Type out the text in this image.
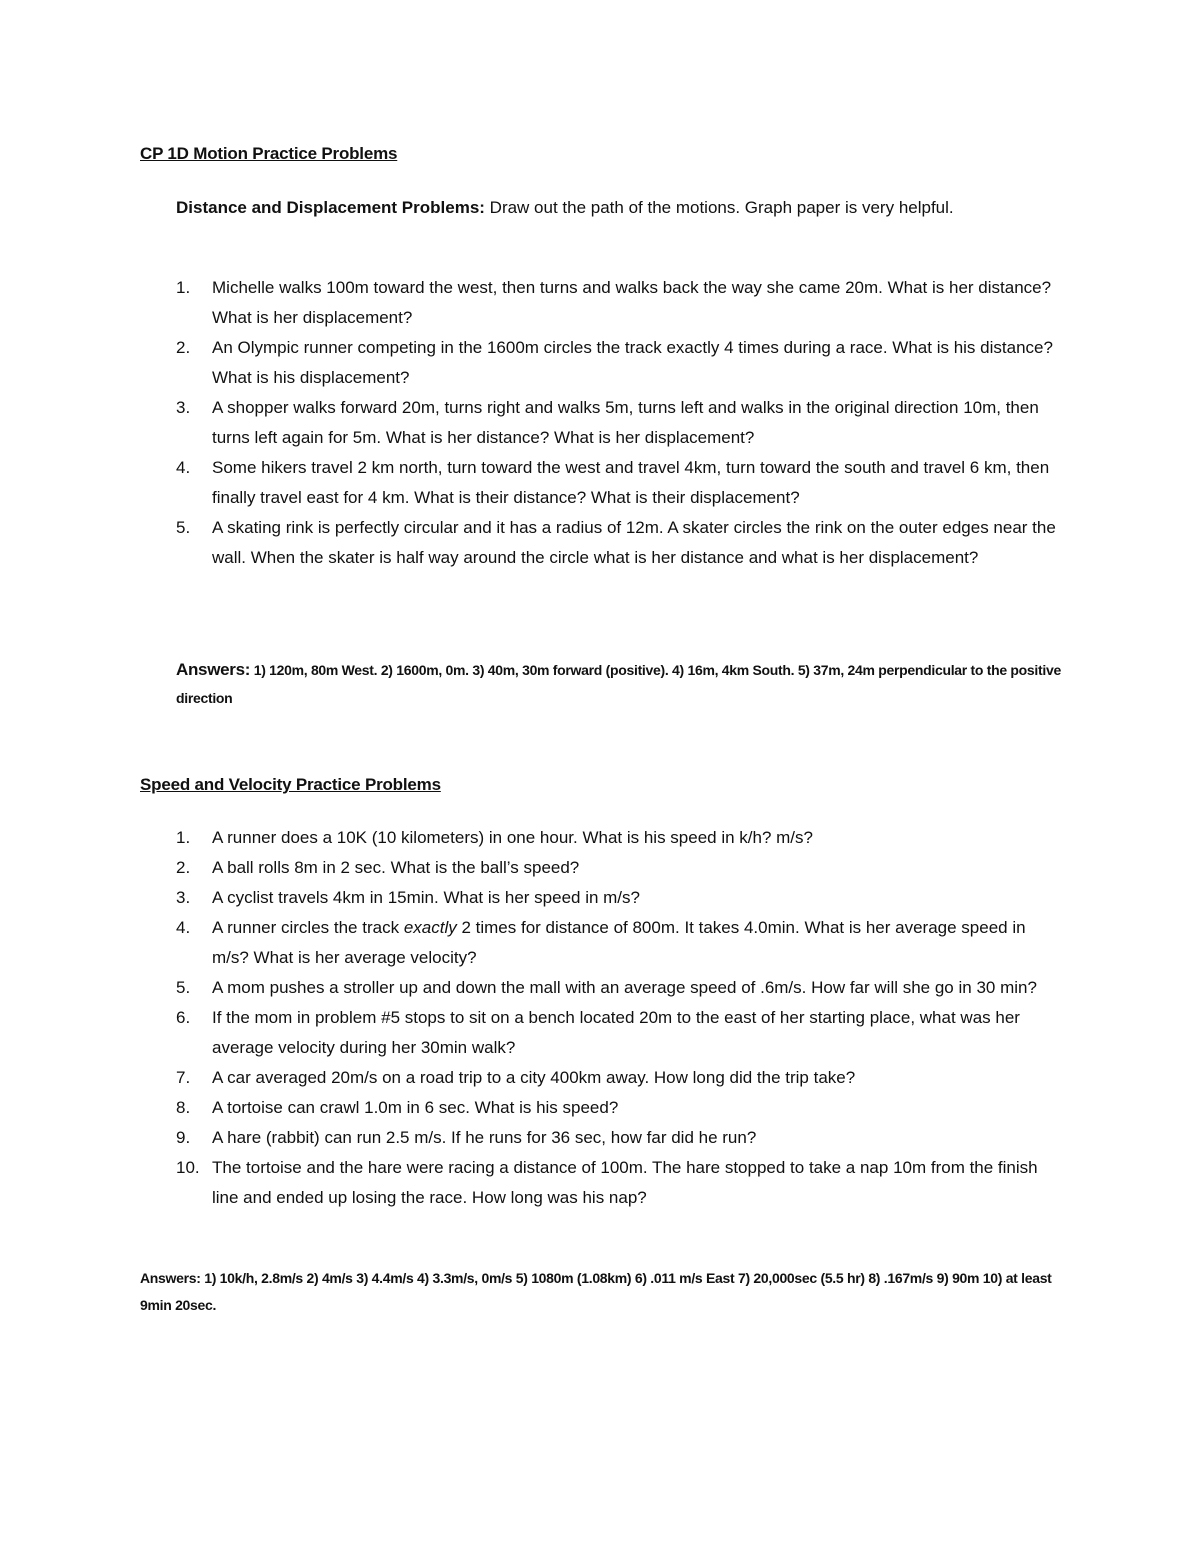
CP 1D Motion Practice Problems
Distance and Displacement Problems: Draw out the path of the motions. Graph paper is very helpful.
1.	Michelle walks 100m toward the west, then turns and walks back the way she came 20m. What is her distance? What is her displacement?
2.	An Olympic runner competing in the 1600m circles the track exactly 4 times during a race. What is his distance? What is his displacement?
3.	A shopper walks forward 20m, turns right and walks 5m, turns left and walks in the original direction 10m, then turns left again for 5m. What is her distance? What is her displacement?
4.	Some hikers travel 2 km north, turn toward the west and travel 4km, turn toward the south and travel 6 km, then finally travel east for 4 km. What is their distance? What is their displacement?
5.	A skating rink is perfectly circular and it has a radius of 12m. A skater circles the rink on the outer edges near the wall. When the skater is half way around the circle what is her distance and what is her displacement?
Answers: 1) 120m, 80m West. 2) 1600m, 0m. 3) 40m, 30m forward (positive). 4) 16m, 4km South. 5) 37m, 24m perpendicular to the positive direction
Speed and Velocity Practice Problems
1.	A runner does a 10K (10 kilometers) in one hour. What is his speed in k/h? m/s?
2.	A ball rolls 8m in 2 sec. What is the ball’s speed?
3.	A cyclist travels 4km in 15min. What is her speed in m/s?
4.	A runner circles the track exactly 2 times for distance of 800m. It takes 4.0min. What is her average speed in m/s? What is her average velocity?
5.	A mom pushes a stroller up and down the mall with an average speed of .6m/s. How far will she go in 30 min?
6.	If the mom in problem #5 stops to sit on a bench located 20m to the east of her starting place, what was her average velocity during her 30min walk?
7.	A car averaged 20m/s on a road trip to a city 400km away. How long did the trip take?
8.	A tortoise can crawl 1.0m in 6 sec. What is his speed?
9.	A hare (rabbit) can run 2.5 m/s. If he runs for 36 sec, how far did he run?
10. The tortoise and the hare were racing a distance of 100m. The hare stopped to take a nap 10m from the finish line and ended up losing the race. How long was his nap?
Answers: 1) 10k/h, 2.8m/s 2) 4m/s 3) 4.4m/s 4) 3.3m/s, 0m/s 5) 1080m (1.08km) 6) .011 m/s East 7) 20,000sec (5.5 hr) 8) .167m/s 9) 90m 10) at least 9min 20sec.
